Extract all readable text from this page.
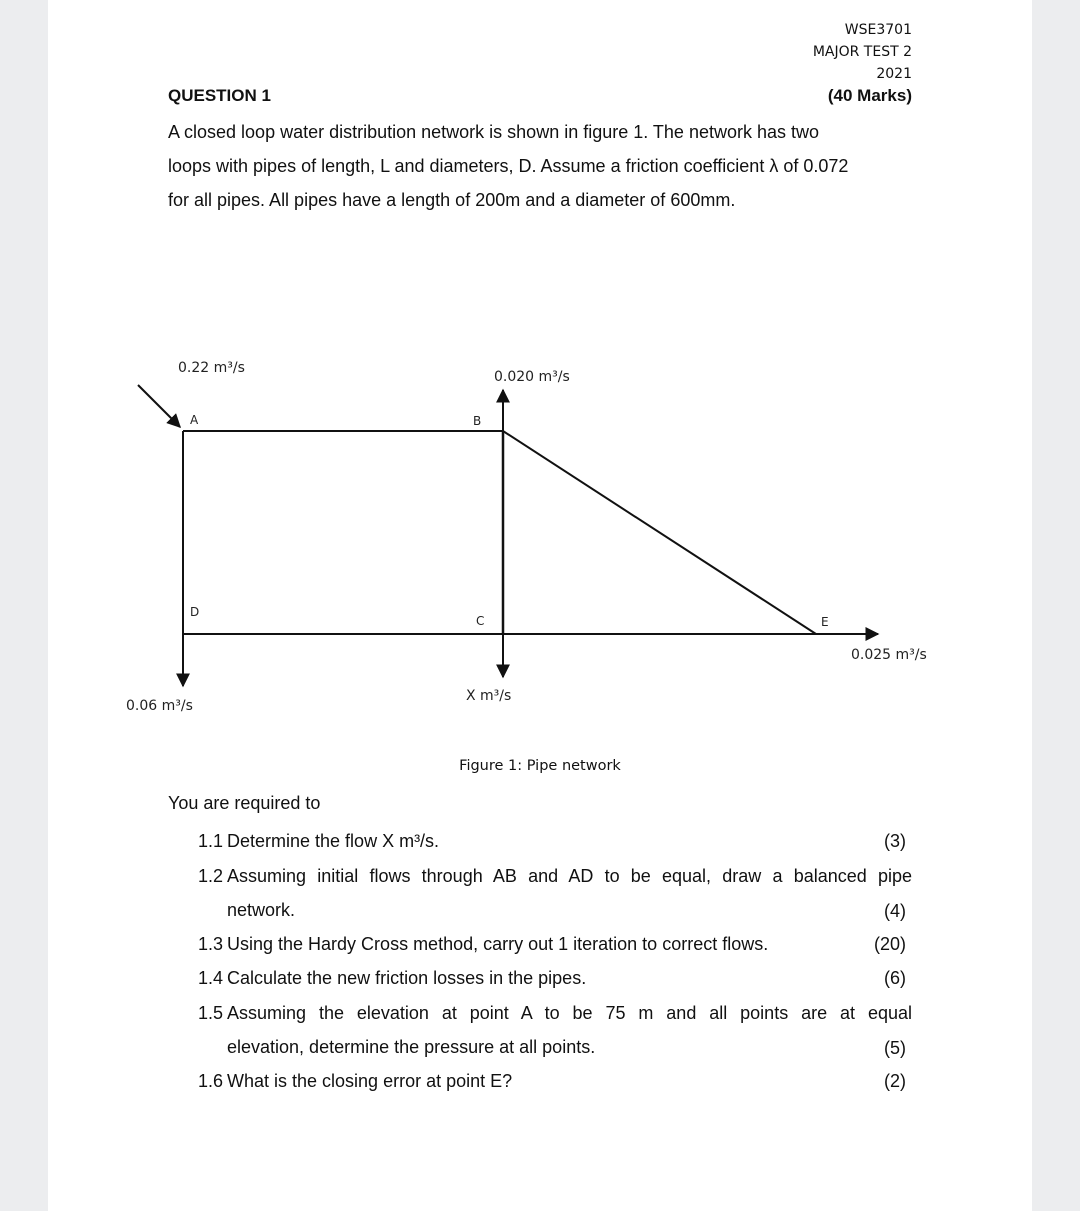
WSE3701
MAJOR TEST 2
2021
QUESTION 1	(40 Marks)

A closed loop water distribution network is shown in figure 1. The network has two

loops with pipes of length, L and diameters, D. Assume a friction coefficient λ of 0.072

for all pipes. All pipes have a length of 200m and a diameter of 600mm.

A	B
D
C	E
0.22 m³/s
0.020 m³/s
0.06 m³/s
X m³/s
0.025 m³/s
Figure 1: Pipe network
You are required to
1.1 Determine the flow X m³/s.	(3)
1.2 Assuming initial flows through AB and AD to be equal, draw a balanced pipe
network.	(4)
1.3 Using the Hardy Cross method, carry out 1 iteration to correct flows.	(20)
1.4 Calculate the new friction losses in the pipes.	(6)
1.5 Assuming the elevation at point A to be 75 m and all points are at equal
elevation, determine the pressure at all points.	(5)
1.6 What is the closing error at point E?	(2)
